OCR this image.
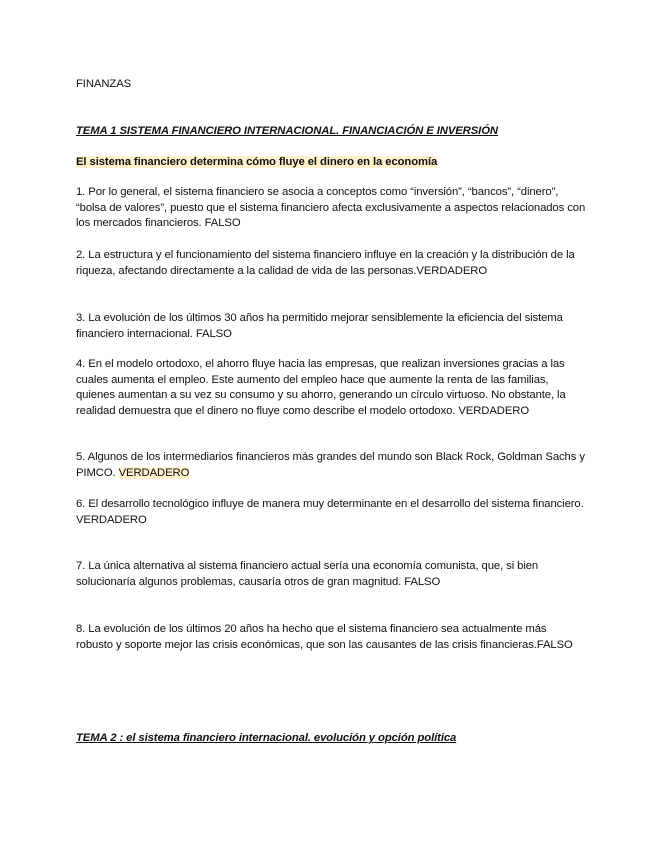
FINANZAS
TEMA 1 SISTEMA FINANCIERO INTERNACIONAL. FINANCIACIÓN E INVERSIÓN
El sistema financiero determina cómo fluye el dinero en la economía
1. Por lo general, el sistema financiero se asocia a conceptos como “inversión”, “bancos”, “dinero”, “bolsa de valores”, puesto que el sistema financiero afecta exclusivamente a aspectos relacionados con los mercados financieros. FALSO
2. La estructura y el funcionamiento del sistema financiero influye en la creación y la distribución de la riqueza, afectando directamente a la calidad de vida de las personas.VERDADERO
3. La evolución de los últimos 30 años ha permitido mejorar sensiblemente la eficiencia del sistema financiero internacional. FALSO
4. En el modelo ortodoxo, el ahorro fluye hacia las empresas, que realizan inversiones gracias a las cuales aumenta el empleo. Este aumento del empleo hace que aumente la renta de las familias, quienes aumentan a su vez su consumo y su ahorro, generando un círculo virtuoso. No obstante, la realidad demuestra que el dinero no fluye como describe el modelo ortodoxo. VERDADERO
5. Algunos de los intermediarios financieros más grandes del mundo son Black Rock, Goldman Sachs y PIMCO. VERDADERO
6. El desarrollo tecnológico influye de manera muy determinante en el desarrollo del sistema financiero. VERDADERO
7. La única alternativa al sistema financiero actual sería una economía comunista, que, si bien solucionaría algunos problemas, causaría otros de gran magnitud. FALSO
8. La evolución de los últimos 20 años ha hecho que el sistema financiero sea actualmente más robusto y soporte mejor las crisis económicas, que son las causantes de las crisis financieras.FALSO
TEMA 2 : el sistema financiero internacional. evolución y opción política
